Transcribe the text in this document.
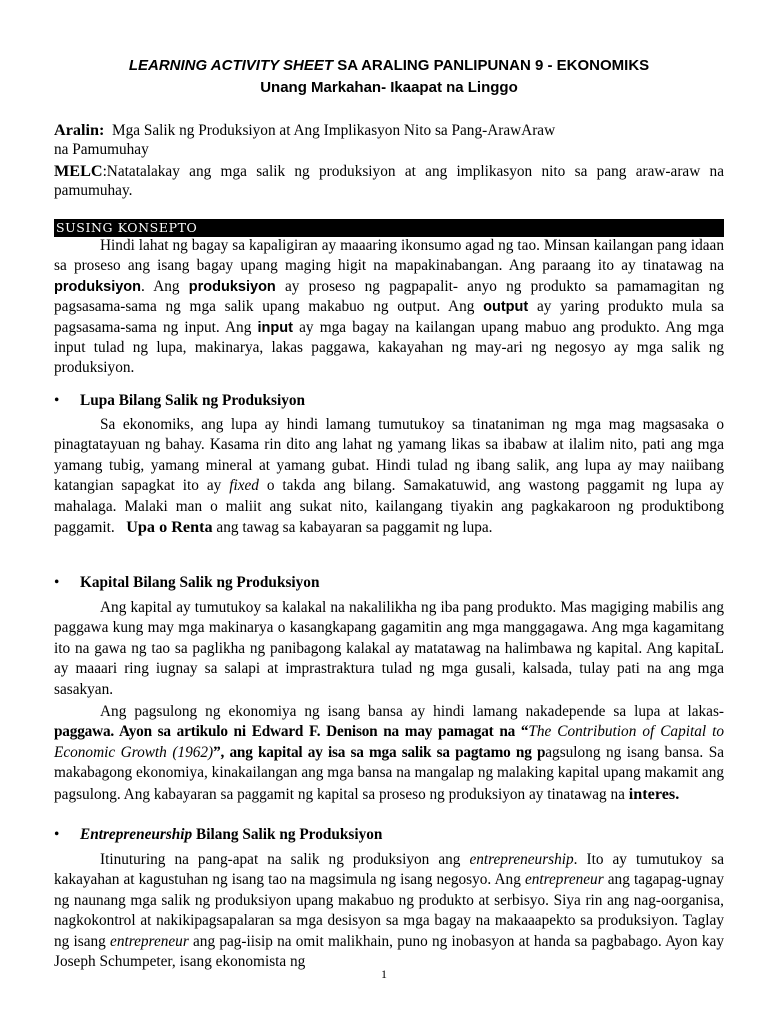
LEARNING ACTIVITY SHEET SA ARALING PANLIPUNAN 9 - EKONOMIKS
Unang Markahan- Ikaapat na Linggo
Aralin:  Mga Salik ng Produksiyon at Ang Implikasyon Nito sa Pang-ArawAraw
na Pamumuhay
MELC:Natatalakay ang mga salik ng produksiyon at ang implikasyon nito sa pang araw-araw na pamumuhay.
SUSING KONSEPTO

Hindi lahat ng bagay sa kapaligiran ay maaaring ikonsumo agad ng tao. Minsan kailangan pang idaan sa proseso ang isang bagay upang maging higit na mapakinabangan. Ang paraang ito ay tinatawag na produksiyon. Ang produksiyon ay proseso ng pagpapalit- anyo ng produkto sa pamamagitan ng pagsasama-sama ng mga salik upang makabuo ng output. Ang output ay yaring produkto mula sa pagsasama-sama ng input. Ang input ay mga bagay na kailangan upang mabuo ang produkto. Ang mga input tulad ng lupa, makinarya, lakas paggawa, kakayahan ng may-ari ng negosyo ay mga salik ng produksiyon.

• Lupa Bilang Salik ng Produksiyon

Sa ekonomiks, ang lupa ay hindi lamang tumutukoy sa tinataniman ng mga mag magsasaka o pinagtatayuan ng bahay. Kasama rin dito ang lahat ng yamang likas sa ibabaw at ilalim nito, pati ang mga yamang tubig, yamang mineral at yamang gubat. Hindi tulad ng ibang salik, ang lupa ay may naiibang katangian sapagkat ito ay fixed o takda ang bilang. Samakatuwid, ang wastong paggamit ng lupa ay mahalaga. Malaki man o maliit ang sukat nito, kailangang tiyakin ang pagkakaroon ng produktibong paggamit.   Upa o Renta ang tawag sa kabayaran sa paggamit ng lupa.

• Kapital Bilang Salik ng Produksiyon

Ang kapital ay tumutukoy sa kalakal na nakalilikha ng iba pang produkto. Mas magiging mabilis ang paggawa kung may mga makinarya o kasangkapang gagamitin ang mga manggagawa. Ang mga kagamitang ito na gawa ng tao sa paglikha ng panibagong kalakal ay matatawag na halimbawa ng kapital. Ang kapitaL ay maaari ring iugnay sa salapi at imprastraktura tulad ng mga gusali, kalsada, tulay pati na ang mga sasakyan.

Ang pagsulong ng ekonomiya ng isang bansa ay hindi lamang nakadepende sa lupa at lakas-paggawa. Ayon sa artikulo ni Edward F. Denison na may pamagat na “The Contribution of Capital to Economic Growth (1962)”, ang kapital ay isa sa mga salik sa pagtamo ng pagsulong ng isang bansa. Sa makabagong ekonomiya, kinakailangan ang mga bansa na mangalap ng malaking kapital upang makamit ang pagsulong. Ang kabayaran sa paggamit ng kapital sa proseso ng produksiyon ay tinatawag na interes.

• Entrepreneurship Bilang Salik ng Produksiyon

Itinuturing na pang-apat na salik ng produksiyon ang entrepreneurship. Ito ay tumutukoy sa kakayahan at kagustuhan ng isang tao na magsimula ng isang negosyo. Ang entrepreneur ang tagapag-ugnay ng naunang mga salik ng produksiyon upang makabuo ng produkto at serbisyo. Siya rin ang nag-oorganisa, nagkokontrol at nakikipagsapalaran sa mga desisyon sa mga bagay na makaaapekto sa produksiyon. Taglay ng isang entrepreneur ang pag-iisip na omit malikhain, puno ng inobasyon at handa sa pagbabago. Ayon kay Joseph Schumpeter, isang ekonomista ng

1
